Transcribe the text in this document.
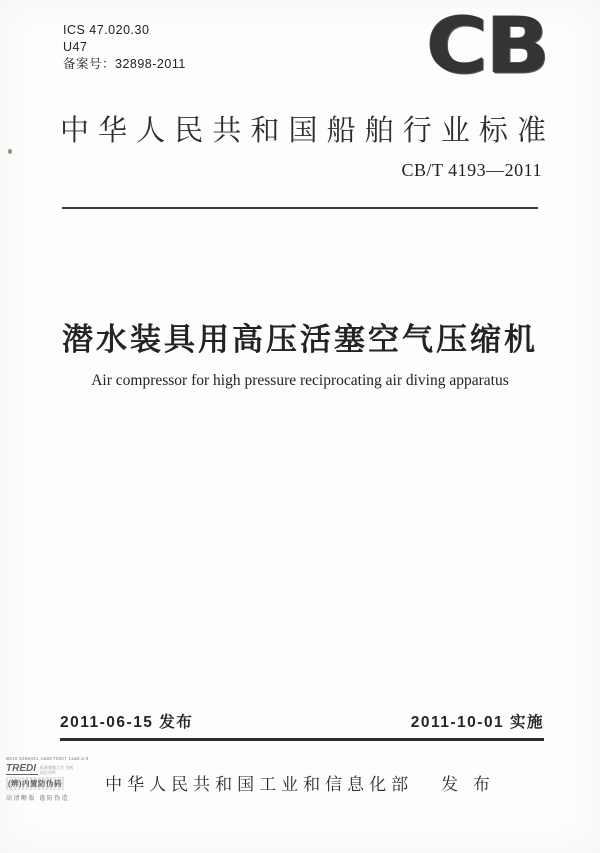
ICS 47.020.30
U47
备案号：32898-2011	CB
中华人民共和国船舶行业标准
CB/T 4193—2011
潜水装具用高压活塞空气压缩机
Air compressor for high pressure reciprocating air diving apparatus
2011-06-15 发布	2011-10-01 实施
中华人民共和国工业和信息化部 发 布
B910 5296031 1&8KT0807 11&8.5.9
TREDI	标准频服工作 全纸纹打印件
(辨)内置防伪码
高清晰版 谨防伪造
